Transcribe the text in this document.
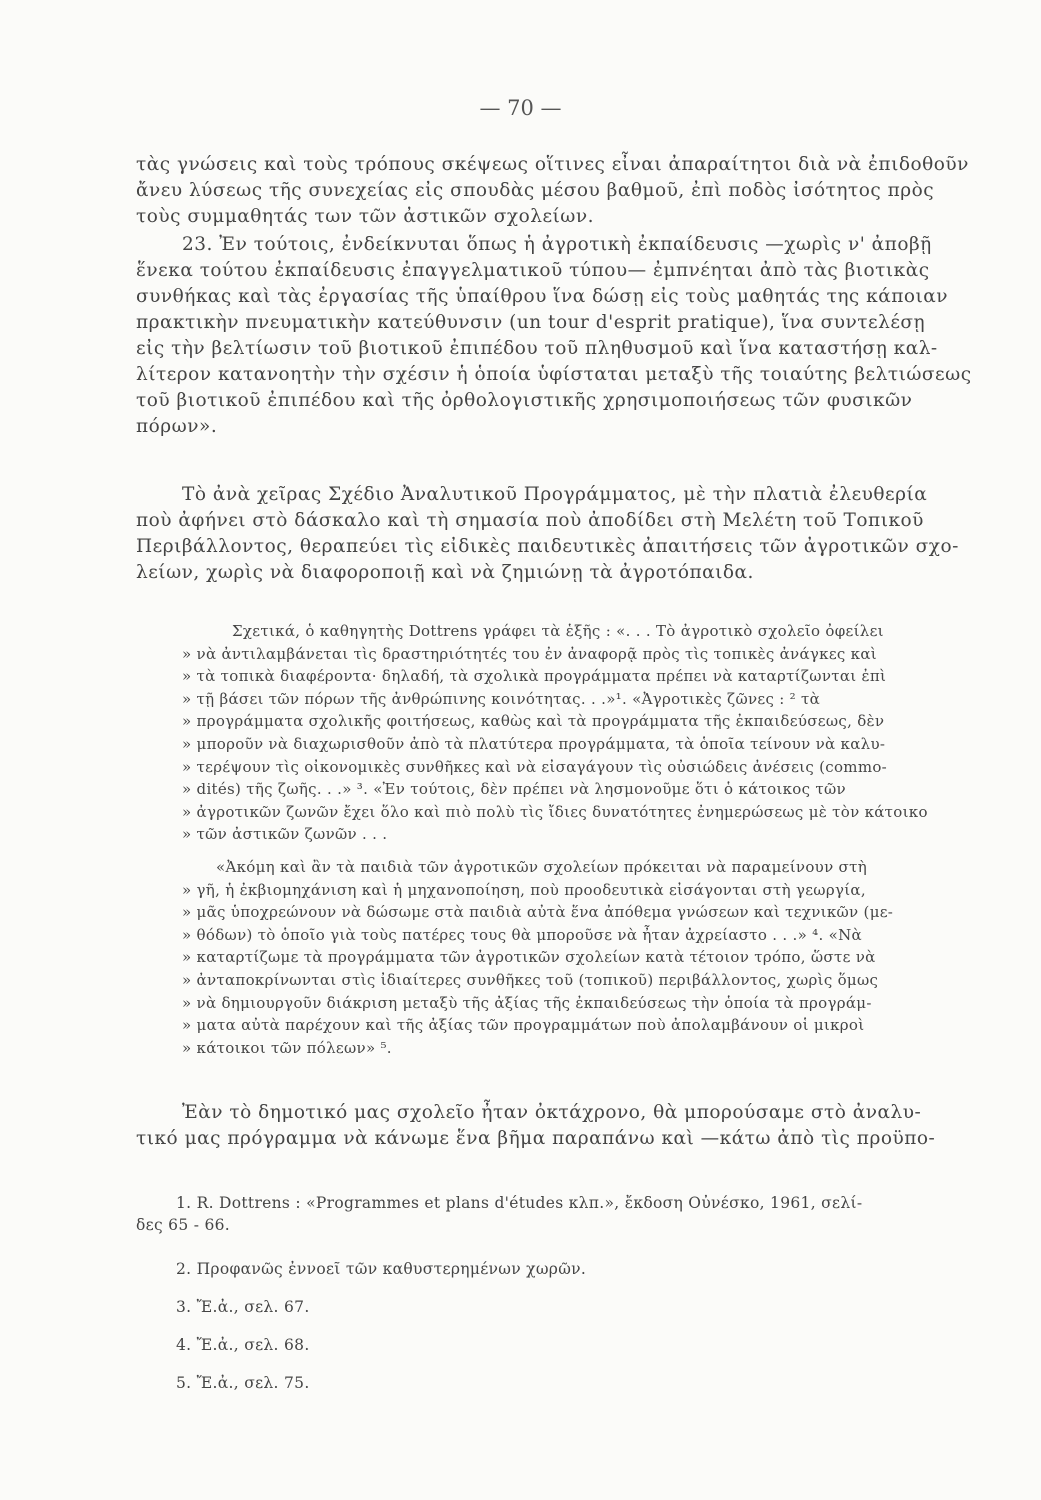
— 70 —
τὰς γνώσεις καὶ τοὺς τρόπους σκέψεως οἵτινες εἶναι ἀπαραίτητοι διὰ νὰ ἐπιδοθοῦν
ἄνευ λύσεως τῆς συνεχείας εἰς σπουδὰς μέσου βαθμοῦ, ἐπὶ ποδὸς ἰσότητος πρὸς
τοὺς συμμαθητάς των τῶν ἀστικῶν σχολείων.
23. Ἐν τούτοις, ἐνδείκνυται ὅπως ἡ ἀγροτικὴ ἐκπαίδευσις —χωρὶς ν' ἀποβῇ
ἕνεκα τούτου ἐκπαίδευσις ἐπαγγελματικοῦ τύπου— ἐμπνέηται ἀπὸ τὰς βιοτικὰς
συνθήκας καὶ τὰς ἐργασίας τῆς ὑπαίθρου ἵνα δώσῃ εἰς τοὺς μαθητάς της κάποιαν
πρακτικὴν πνευματικὴν κατεύθυνσιν (un tour d'esprit pratique), ἵνα συντελέσῃ
εἰς τὴν βελτίωσιν τοῦ βιοτικοῦ ἐπιπέδου τοῦ πληθυσμοῦ καὶ ἵνα καταστήσῃ καλ-
λίτερον κατανοητὴν τὴν σχέσιν ἡ ὁποία ὑφίσταται μεταξὺ τῆς τοιαύτης βελτιώσεως
τοῦ βιοτικοῦ ἐπιπέδου καὶ τῆς ὀρθολογιστικῆς χρησιμοποιήσεως τῶν φυσικῶν
πόρων».
Τὸ ἀνὰ χεῖρας Σχέδιο Ἀναλυτικοῦ Προγράμματος, μὲ τὴν πλατιὰ ἐλευθερία
ποὺ ἀφήνει στὸ δάσκαλο καὶ τὴ σημασία ποὺ ἀποδίδει στὴ Μελέτη τοῦ Τοπικοῦ
Περιβάλλοντος, θεραπεύει τὶς εἰδικὲς παιδευτικὲς ἀπαιτήσεις τῶν ἀγροτικῶν σχο-
λείων, χωρὶς νὰ διαφοροποιῇ καὶ νὰ ζημιώνῃ τὰ ἀγροτόπαιδα.
Σχετικά, ὁ καθηγητὴς Dottrens γράφει τὰ ἑξῆς : «. . . Τὸ ἀγροτικὸ σχολεῖο ὀφείλει
» νὰ ἀντιλαμβάνεται τὶς δραστηριότητές του ἐν ἀναφορᾷ πρὸς τὶς τοπικὲς ἀνάγκες καὶ
» τὰ τοπικὰ διαφέροντα· δηλαδή, τὰ σχολικὰ προγράμματα πρέπει νὰ καταρτίζωνται ἐπὶ
» τῇ βάσει τῶν πόρων τῆς ἀνθρώπινης κοινότητας. . .»¹. «Ἀγροτικὲς ζῶνες : ² τὰ
» προγράμματα σχολικῆς φοιτήσεως, καθὼς καὶ τὰ προγράμματα τῆς ἐκπαιδεύσεως, δὲν
» μποροῦν νὰ διαχωρισθοῦν ἀπὸ τὰ πλατύτερα προγράμματα, τὰ ὁποῖα τείνουν νὰ καλυ-
» τερέψουν τὶς οἰκονομικὲς συνθῆκες καὶ νὰ εἰσαγάγουν τὶς οὐσιώδεις ἀνέσεις (commo-
» dités) τῆς ζωῆς. . .» ³. «Ἐν τούτοις, δὲν πρέπει νὰ λησμονοῦμε ὅτι ὁ κάτοικος τῶν
» ἀγροτικῶν ζωνῶν ἔχει ὅλο καὶ πιὸ πολὺ τὶς ἴδιες δυνατότητες ἐνημερώσεως μὲ τὸν κάτοικο
» τῶν ἀστικῶν ζωνῶν . . .
«Ἀκόμη καὶ ἂν τὰ παιδιὰ τῶν ἀγροτικῶν σχολείων πρόκειται νὰ παραμείνουν στὴ
» γῆ, ἡ ἐκβιομηχάνιση καὶ ἡ μηχανοποίηση, ποὺ προοδευτικὰ εἰσάγονται στὴ γεωργία,
» μᾶς ὑποχρεώνουν νὰ δώσωμε στὰ παιδιὰ αὐτὰ ἕνα ἀπόθεμα γνώσεων καὶ τεχνικῶν (με-
» θόδων) τὸ ὁποῖο γιὰ τοὺς πατέρες τους θὰ μποροῦσε νὰ ἦταν ἀχρείαστο . . .» ⁴. «Νὰ
» καταρτίζωμε τὰ προγράμματα τῶν ἀγροτικῶν σχολείων κατὰ τέτοιον τρόπο, ὥστε νὰ
» ἀνταποκρίνωνται στὶς ἰδιαίτερες συνθῆκες τοῦ (τοπικοῦ) περιβάλλοντος, χωρὶς ὅμως
» νὰ δημιουργοῦν διάκριση μεταξὺ τῆς ἀξίας τῆς ἐκπαιδεύσεως τὴν ὁποία τὰ προγράμ-
» ματα αὐτὰ παρέχουν καὶ τῆς ἀξίας τῶν προγραμμάτων ποὺ ἀπολαμβάνουν οἱ μικροὶ
» κάτοικοι τῶν πόλεων» ⁵.
Ἐὰν τὸ δημοτικό μας σχολεῖο ἦταν ὀκτάχρονο, θὰ μπορούσαμε στὸ ἀναλυ-
τικό μας πρόγραμμα νὰ κάνωμε ἕνα βῆμα παραπάνω καὶ —κάτω ἀπὸ τὶς προϋπο-
1. R. Dottrens : «Programmes et plans d'études κλπ.», ἔκδοση Οὐνέσκο, 1961, σελί-
δες 65 - 66.
2. Προφανῶς ἐννοεῖ τῶν καθυστερημένων χωρῶν.
3. Ἔ.ἀ., σελ. 67.
4. Ἔ.ἀ., σελ. 68.
5. Ἔ.ἀ., σελ. 75.
